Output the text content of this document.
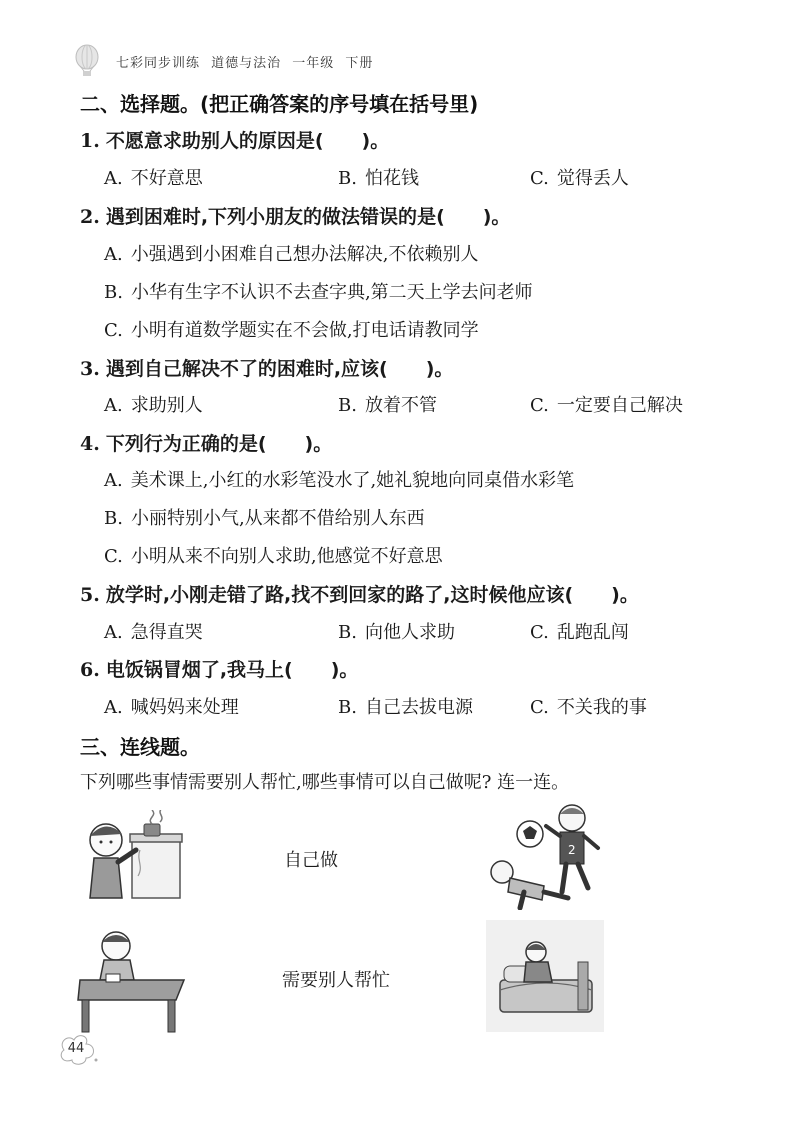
七彩同步训练 道德与法治 一年级 下册
二、选择题。(把正确答案的序号填在括号里)
1. 不愿意求助别人的原因是(　　)。
A. 不好意思	B. 怕花钱	C. 觉得丢人
2. 遇到困难时,下列小朋友的做法错误的是(　　)。
A. 小强遇到小困难自己想办法解决,不依赖别人
B. 小华有生字不认识不去查字典,第二天上学去问老师
C. 小明有道数学题实在不会做,打电话请教同学
3. 遇到自己解决不了的困难时,应该(　　)。
A. 求助别人	B. 放着不管	C. 一定要自己解决
4. 下列行为正确的是(　　)。
A. 美术课上,小红的水彩笔没水了,她礼貌地向同桌借水彩笔
B. 小丽特别小气,从来都不借给别人东西
C. 小明从来不向别人求助,他感觉不好意思
5. 放学时,小刚走错了路,找不到回家的路了,这时候他应该(　　)。
A. 急得直哭	B. 向他人求助	C. 乱跑乱闯
6. 电饭锅冒烟了,我马上(　　)。
A. 喊妈妈来处理	B. 自己去拔电源	C. 不关我的事
三、连线题。
下列哪些事情需要别人帮忙,哪些事情可以自己做呢? 连一连。
自己做
需要别人帮忙
2
44
